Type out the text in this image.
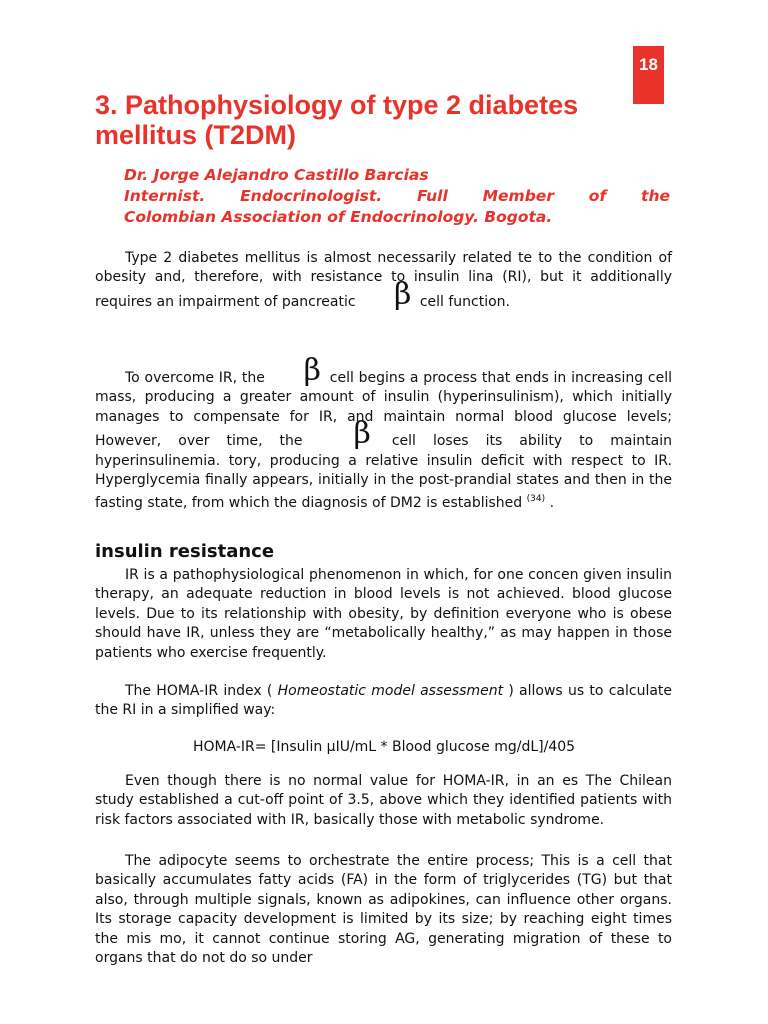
18
3. Pathophysiology of type 2 diabetes mellitus (T2DM)
Dr. Jorge Alejandro Castillo Barcias
Internist. Endocrinologist. Full Member of the
Colombian Association of Endocrinology. Bogota.

Type 2 diabetes mellitus is almost necessarily related te to the condition of obesity and, therefore, with resistance to insulin lina (RI), but it additionally requires an impairment of pancreatic β cell function.

To overcome IR, the β cell begins a process that ends in increasing cell mass, producing a greater amount of insulin (hyperinsulinism), which initially manages to compensate for IR, and maintain normal blood glucose levels; However, over time, the β cell loses its ability to maintain hyperinsulinemia. tory, producing a relative insulin deficit with respect to IR. Hyperglycemia finally appears, initially in the post-prandial states and then in the fasting state, from which the diagnosis of DM2 is established $^{(34)}$ .

insulin resistance

IR is a pathophysiological phenomenon in which, for one concen given insulin therapy, an adequate reduction in blood levels is not achieved. blood glucose levels. Due to its relationship with obesity, by definition everyone who is obese should have IR, unless they are “metabolically healthy,” as may happen in those patients who exercise frequently.

The HOMA-IR index ( Homeostatic model assessment ) allows us to calculate the RI in a simplified way:

HOMA-IR= [Insulin µIU/mL * Blood glucose mg/dL]/405

Even though there is no normal value for HOMA-IR, in an es The Chilean study established a cut-off point of 3.5, above which they identified patients with risk factors associated with IR, basically those with metabolic syndrome.

The adipocyte seems to orchestrate the entire process; This is a cell that basically accumulates fatty acids (FA) in the form of triglycerides (TG) but that also, through multiple signals, known as adipokines, can influence other organs. Its storage capacity development is limited by its size; by reaching eight times the mis mo, it cannot continue storing AG, generating migration of these to organs that do not do so under
